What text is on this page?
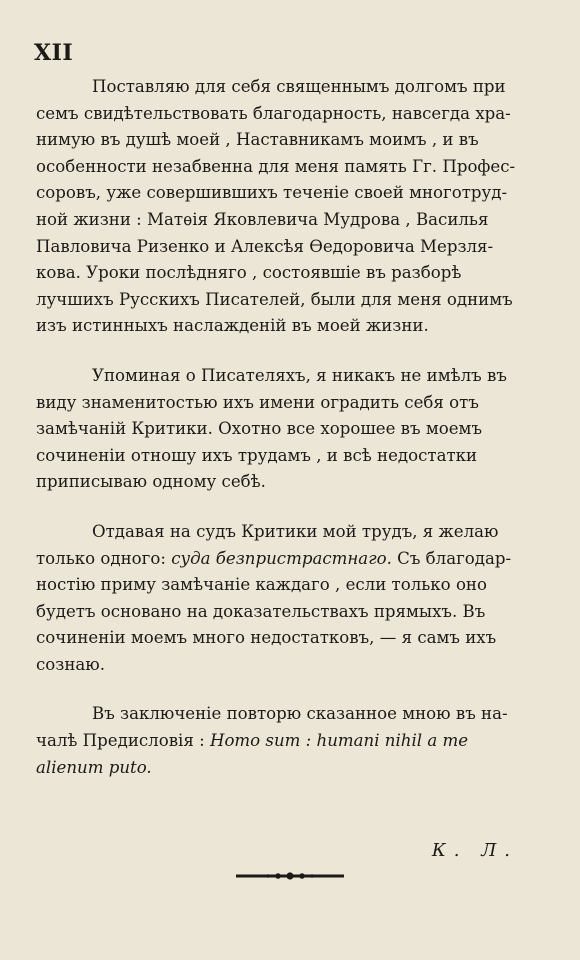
XII

Поставляю для себя священнымъ долгомъ при
семъ свидѣтельствовать благодарность, навсегда хра-
нимую въ душѣ моей , Наставникамъ моимъ , и въ
особенности незабвенна для меня память Гг. Профес-
соровъ, уже совершившихъ теченіе своей многотруд-
ной жизни : Матѳія Яковлевича Мудрова , Василья
Павловича Ризенко и Алексѣя Ѳедоровича Мерзля-
кова. Уроки послѣдняго , состоявшіе въ разборѣ
лучшихъ Русскихъ Писателей, были для меня однимъ
изъ истинныхъ наслажденій въ моей жизни.

Упоминая о Писателяхъ, я никакъ не имѣлъ въ
виду знаменитостью ихъ имени оградить себя отъ
замѣчаній Критики. Охотно все хорошее въ моемъ
сочиненіи отношу ихъ трудамъ , и всѣ недостатки
приписываю одному себѣ.

Отдавая на судъ Критики мой трудъ, я желаю
только одного: суда безпристрастнаго. Съ благодар-
ностію приму замѣчаніе каждаго , если только оно
будетъ основано на доказательствахъ прямыхъ. Въ
сочиненіи моемъ много недостатковъ, — я самъ ихъ
сознаю.

Въ заключеніе повторю сказанное мною въ на-
чалѣ Предисловія : Homo sum : humani nihil a me
alienum puto.

К. Л.
